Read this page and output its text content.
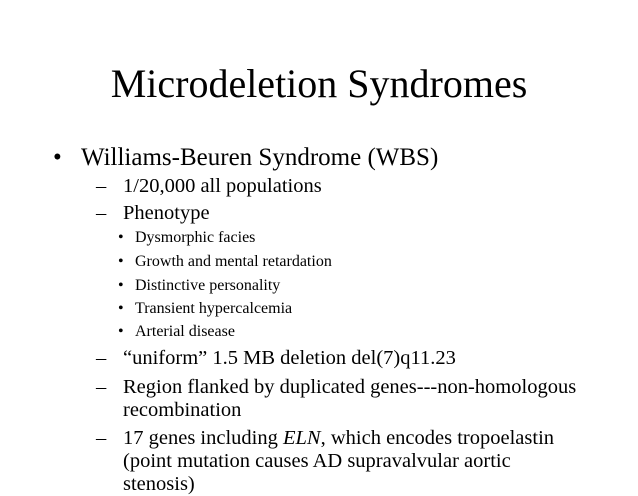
Microdeletion Syndromes
• Williams-Beuren Syndrome (WBS)
– 1/20,000 all populations
– Phenotype
• Dysmorphic facies
• Growth and mental retardation
• Distinctive personality
• Transient hypercalcemia
• Arterial disease
– “uniform” 1.5 MB deletion del(7)q11.23
– Region flanked by duplicated genes---non-homologous
recombination
– 17 genes including ELN, which encodes tropoelastin
(point mutation causes AD supravalvular aortic
stenosis)
